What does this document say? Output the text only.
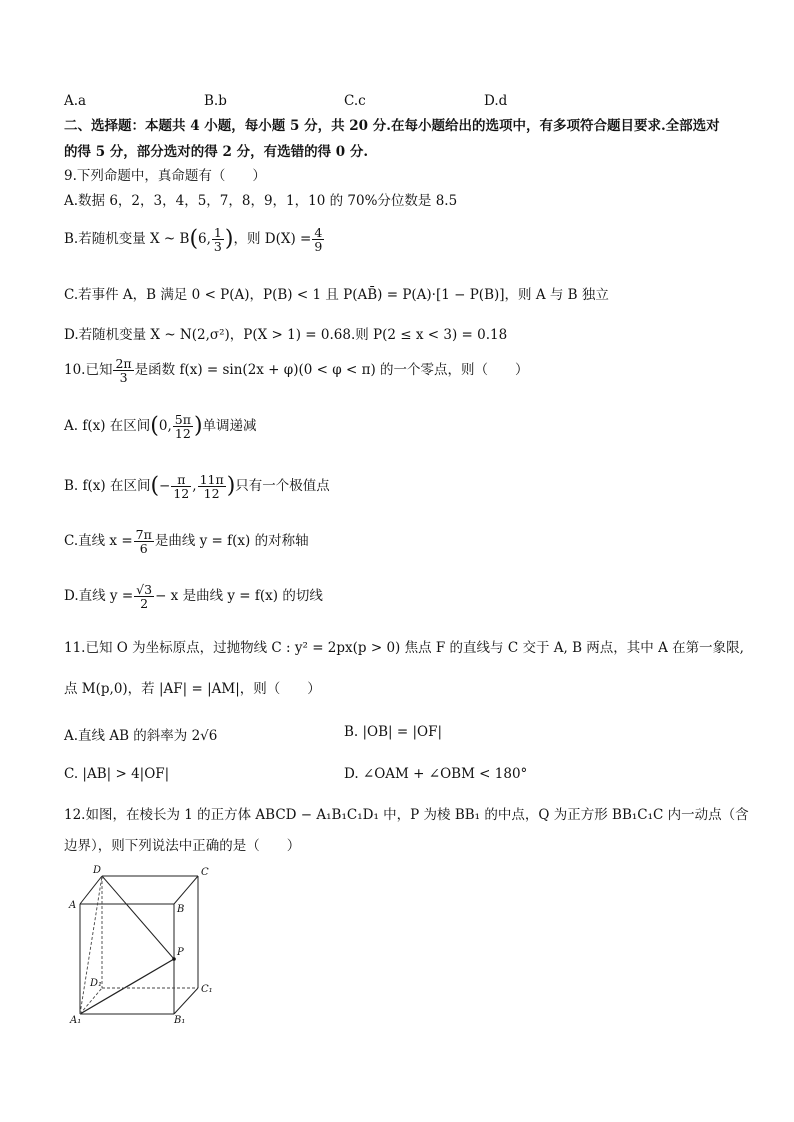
A.a	B.b	C.c	D.d
二、选择题：本题共 4 小题，每小题 5 分，共 20 分.在每小题给出的选项中，有多项符合题目要求.全部选对
的得 5 分，部分选对的得 2 分，有选错的得 0 分.
9.下列命题中，真命题有（　　）
A.数据 6，2，3，4，5，7，8，9，1，10 的 70%分位数是 8.5
B.若随机变量 X ~ B(6, $\frac{1}{3}$ )，则 $D(X) = \frac{4}{9}$
C.若事件 A，B 满足 0 < P(A)，P(B) < 1 且 P(AB̄) = P(A)·[1 − P(B)]，则 A 与 B 独立
D.若随机变量 X ~ N(2,σ²)，P(X > 1) = 0.68.则 P(2 ≤ x < 3) = 0.18
10.已知 $\frac{2\pi}{3}$ 是函数 f(x) = sin(2x + φ)(0 < φ < π) 的一个零点，则（　　）
A. f(x) 在区间(0, $\frac{5\pi}{12}$ )单调递减
B. f(x) 在区间(− $\frac{\pi}{12}$ , $\frac{11\pi}{12}$ )只有一个极值点
C.直线 $x = \frac{7\pi}{6}$ 是曲线 y = f(x) 的对称轴
D.直线 $y = \frac{√3}{2} - x$ 是曲线 y = f(x) 的切线
11.已知 O 为坐标原点，过抛物线 C : y² = 2px(p > 0) 焦点 F 的直线与 C 交于 A, B 两点，其中 A 在第一象限,
点 M(p,0)，若 |AF| = |AM|，则（　　）
A.直线 AB 的斜率为 2√6	B. |OB| = |OF|
C. |AB| > 4|OF|	D. ∠OAM + ∠OBM < 180°
12.如图，在棱长为 1 的正方体 ABCD − A₁B₁C₁D₁ 中，P 为棱 BB₁ 的中点，Q 为正方形 BB₁C₁C 内一动点（含
边界），则下列说法中正确的是（　　）
D	C
A	B
P
D₁
C₁
A₁	B₁
